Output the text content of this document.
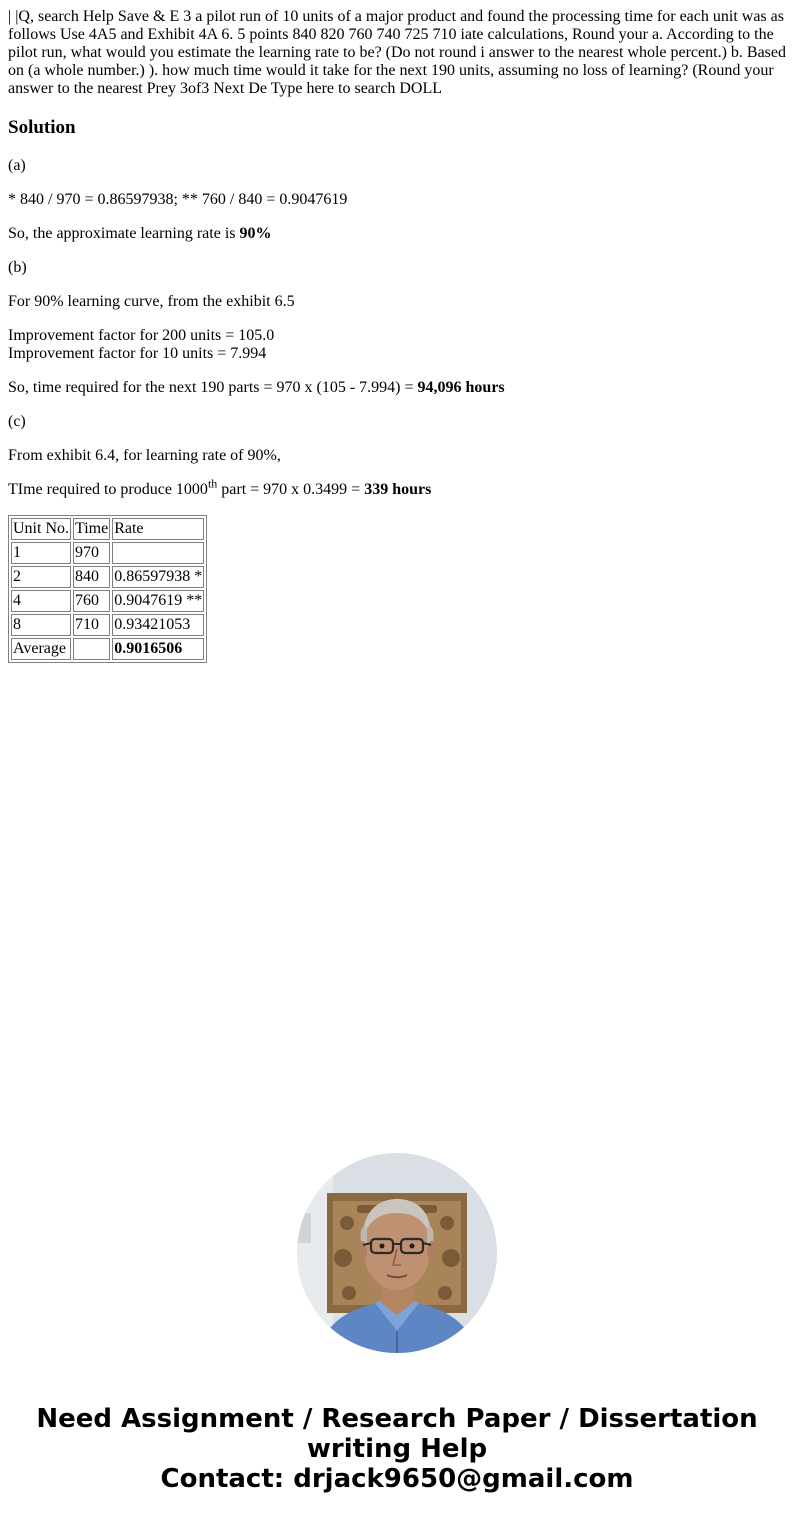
| |Q, search Help Save & E 3 a pilot run of 10 units of a major product and found the processing time for each unit was as follows Use 4A5 and Exhibit 4A 6. 5 points 840 820 760 740 725 710 iate calculations, Round your a. According to the pilot run, what would you estimate the learning rate to be? (Do not round i answer to the nearest whole percent.) b. Based on (a whole number.) ). how much time would it take for the next 190 units, assuming no loss of learning? (Round your answer to the nearest Prey 3of3 Next De Type here to search DOLL
Solution

(a)

* 840 / 970 = 0.86597938; ** 760 / 840 = 0.9047619

So, the approximate learning rate is 90%

(b)

For 90% learning curve, from the exhibit 6.5

Improvement factor for 200 units = 105.0
Improvement factor for 10 units = 7.994

So, time required for the next 190 parts = 970 x (105 - 7.994) = 94,096 hours

(c)

From exhibit 6.4, for learning rate of 90%,

TIme required to produce 1000th part = 970 x 0.3499 = 339 hours

Unit No.	Time	Rate
1	970	
2	840	0.86597938 *
4	760	0.9047619 **
8	710	0.93421053
Average		0.9016506
Need Assignment / Research Paper / Dissertation writing Help
Contact: drjack9650@gmail.com
